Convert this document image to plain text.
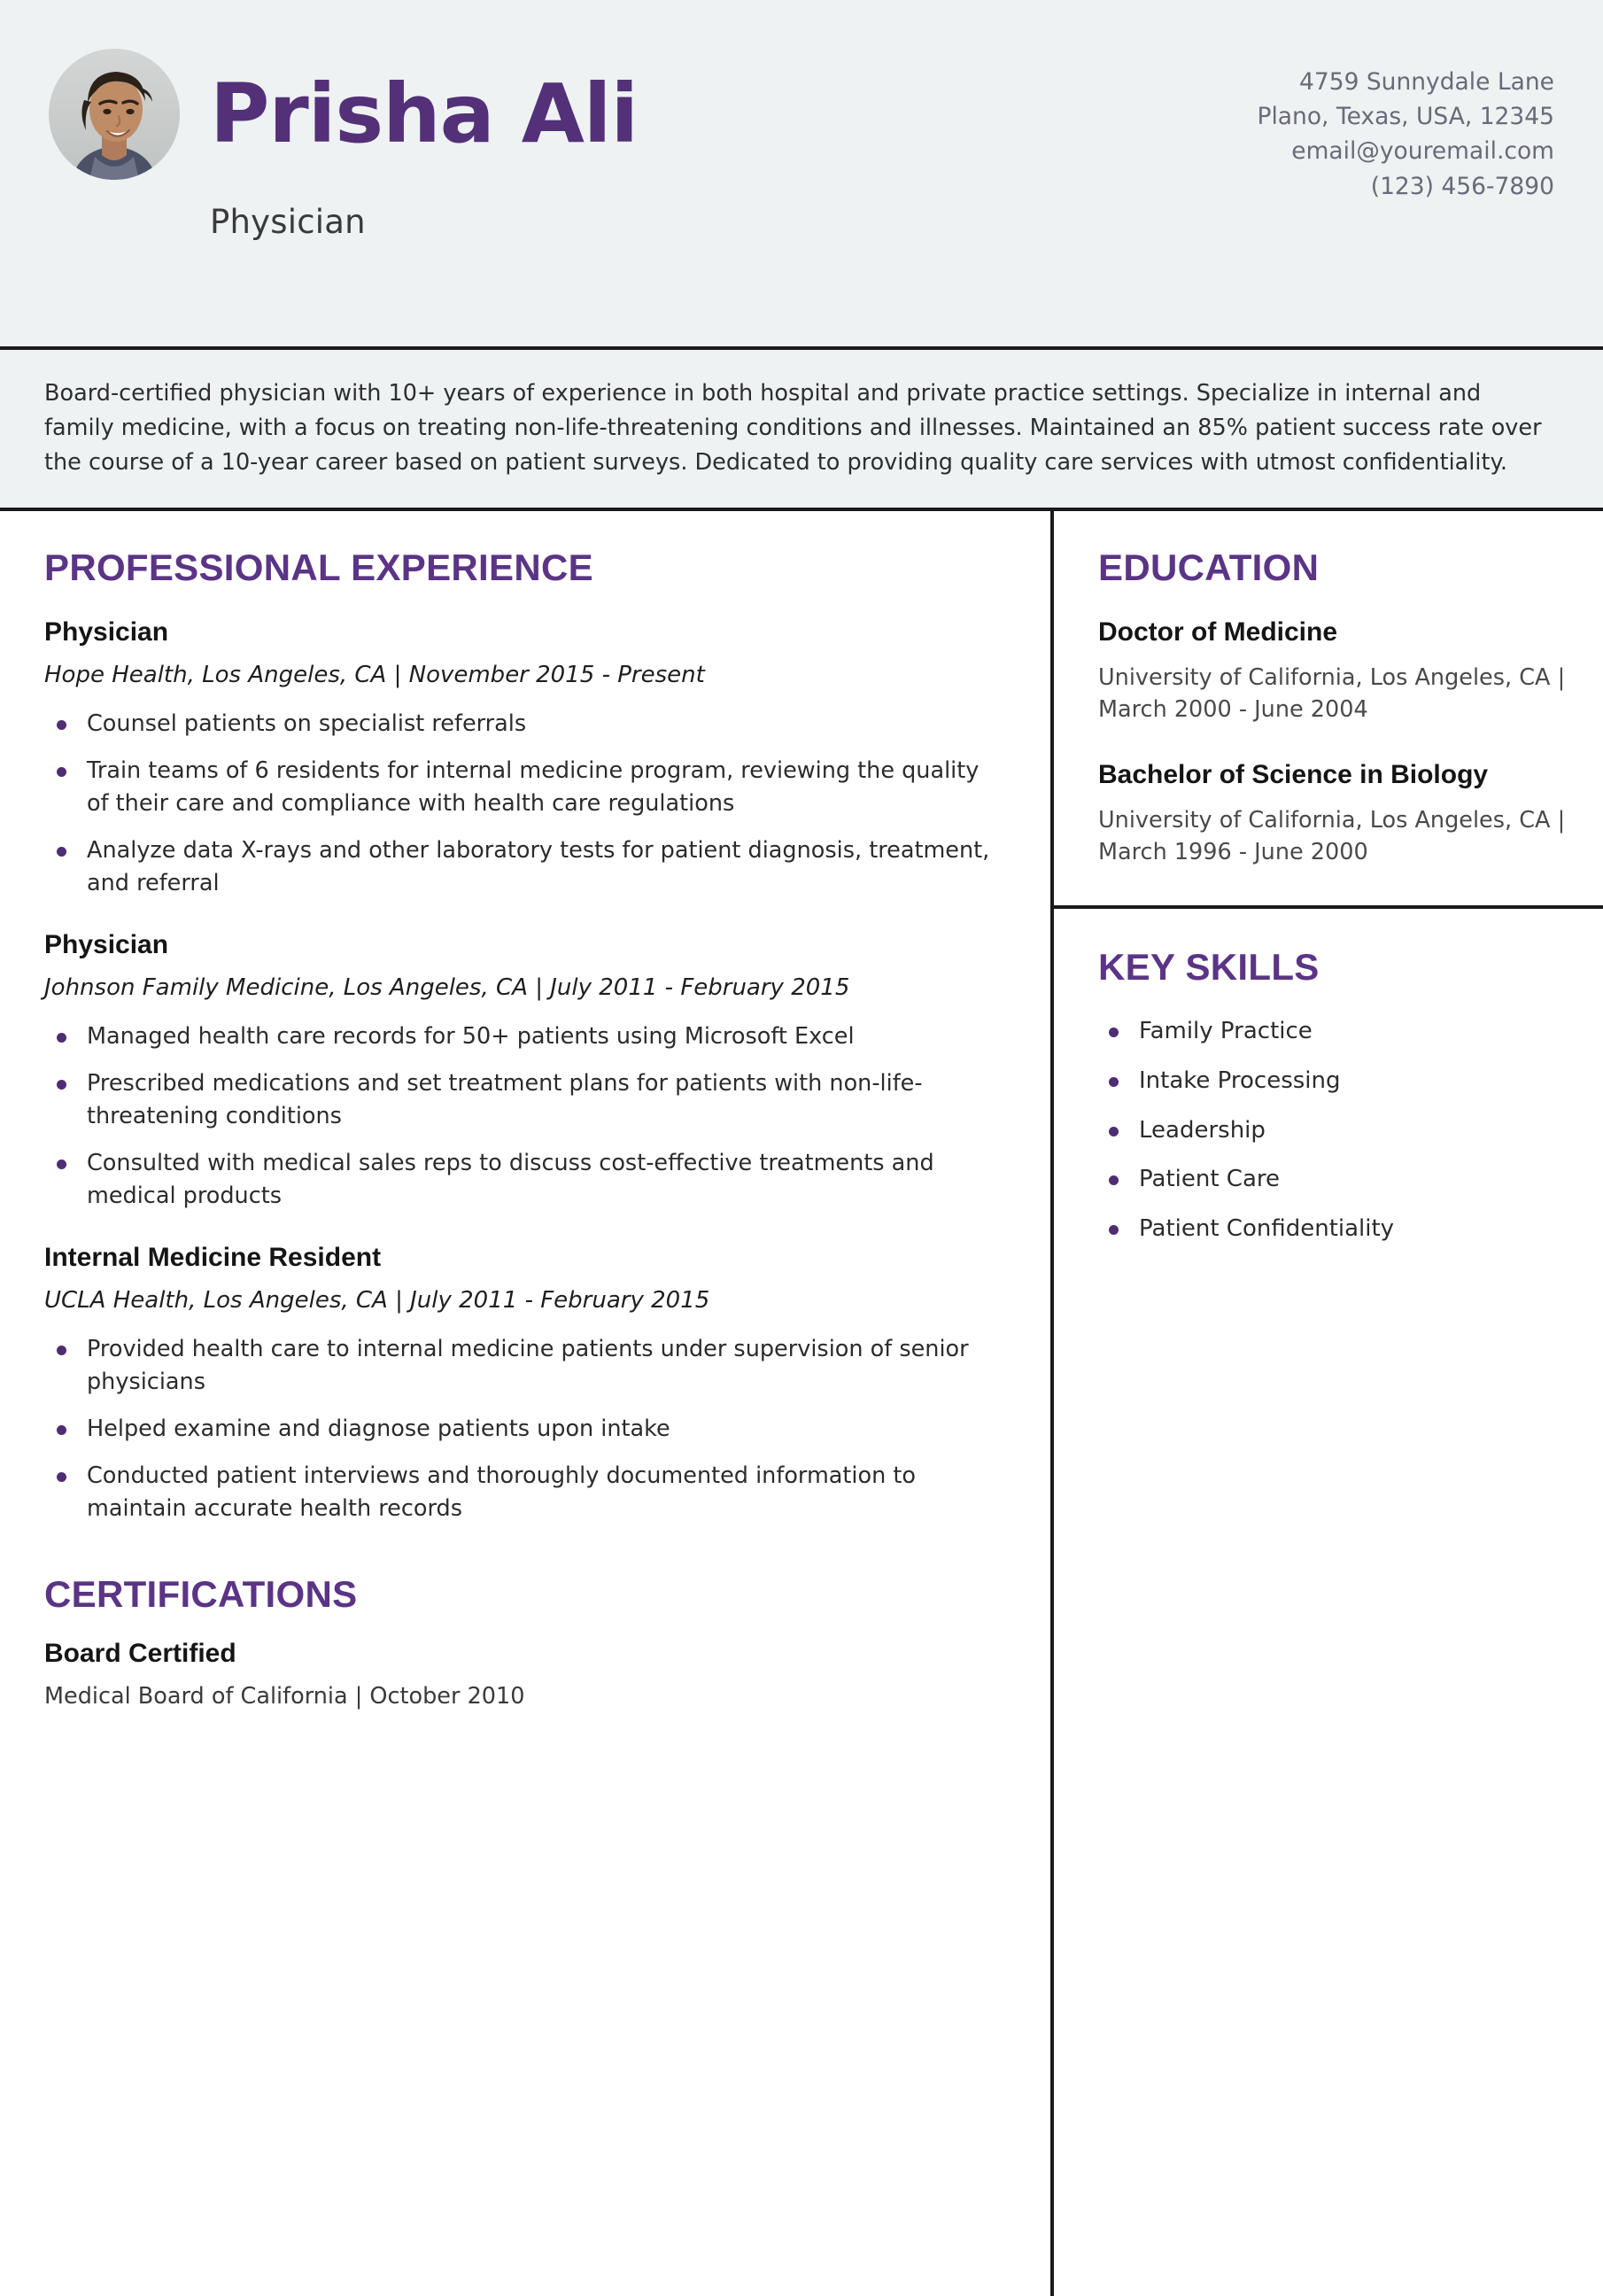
Prisha Ali
Physician
4759 Sunnydale Lane
Plano, Texas, USA, 12345
email@youremail.com
(123) 456-7890
Board-certified physician with 10+ years of experience in both hospital and private practice settings. Specialize in internal and family medicine, with a focus on treating non-life-threatening conditions and illnesses. Maintained an 85% patient success rate over the course of a 10-year career based on patient surveys. Dedicated to providing quality care services with utmost confidentiality.
PROFESSIONAL EXPERIENCE
Physician

Hope Health, Los Angeles, CA | November 2015 - Present

Counsel patients on specialist referrals
Train teams of 6 residents for internal medicine program, reviewing the quality of their care and compliance with health care regulations
Analyze data X-rays and other laboratory tests for patient diagnosis, treatment, and referral
Physician

Johnson Family Medicine, Los Angeles, CA | July 2011 - February 2015

Managed health care records for 50+ patients using Microsoft Excel
Prescribed medications and set treatment plans for patients with non-life-threatening conditions
Consulted with medical sales reps to discuss cost-effective treatments and medical products
Internal Medicine Resident

UCLA Health, Los Angeles, CA | July 2011 - February 2015

Provided health care to internal medicine patients under supervision of senior physicians
Helped examine and diagnose patients upon intake
Conducted patient interviews and thoroughly documented information to maintain accurate health records
CERTIFICATIONS
Board Certified

Medical Board of California | October 2010

EDUCATION
Doctor of Medicine

University of California, Los Angeles, CA | March 2000 - June 2004

Bachelor of Science in Biology

University of California, Los Angeles, CA | March 1996 - June 2000

KEY SKILLS
Family Practice
Intake Processing
Leadership
Patient Care
Patient Confidentiality
